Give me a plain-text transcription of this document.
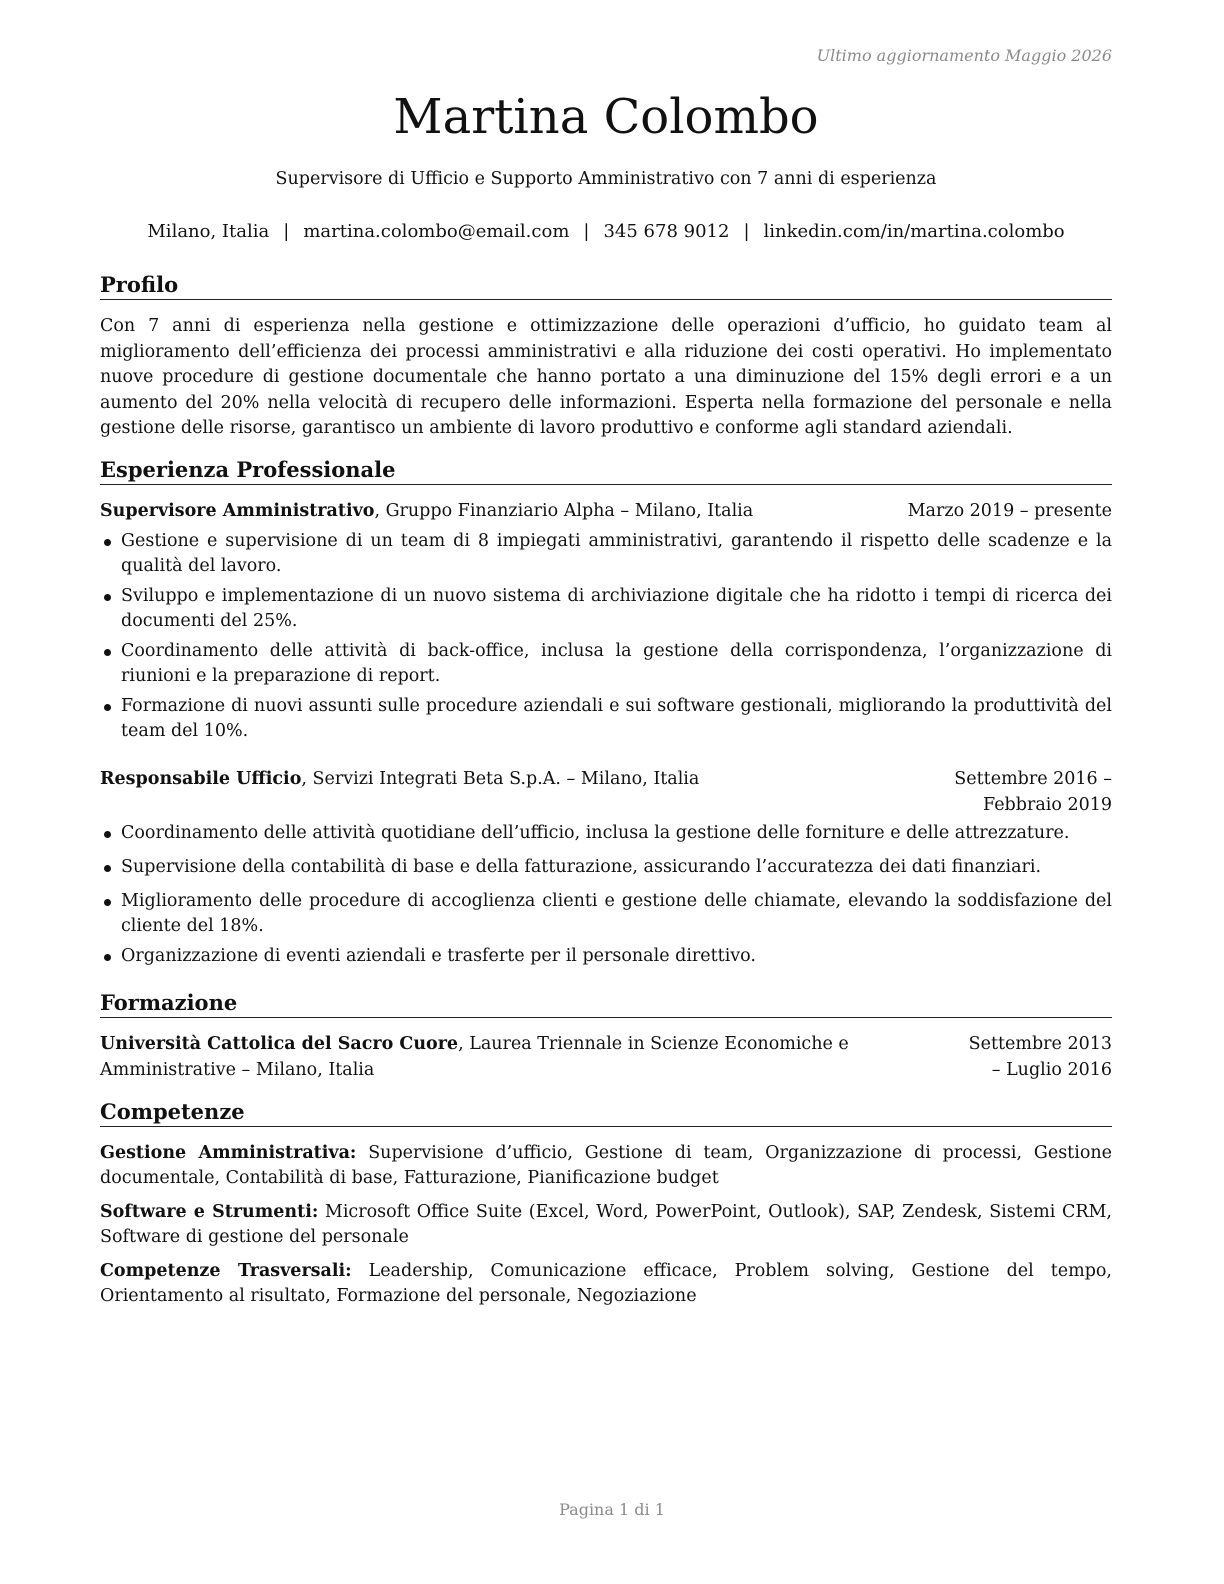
Ultimo aggiornamento Maggio 2026
Martina Colombo
Supervisore di Ufficio e Supporto Amministrativo con 7 anni di esperienza
Milano, Italia | martina.colombo@email.com | 345 678 9012 | linkedin.com/in/martina.colombo
Profilo
Con 7 anni di esperienza nella gestione e ottimizzazione delle operazioni d’ufficio, ho guidato team al miglioramento dell’efficienza dei processi amministrativi e alla riduzione dei costi operativi. Ho implementato nuove procedure di gestione documentale che hanno portato a una diminuzione del 15% degli errori e a un aumento del 20% nella velocità di recupero delle informazioni. Esperta nella formazione del personale e nella gestione delle risorse, garantisco un ambiente di lavoro produttivo e conforme agli standard aziendali.
Esperienza Professionale
Supervisore Amministrativo, Gruppo Finanziario Alpha – Milano, Italia	Marzo 2019 – presente
Gestione e supervisione di un team di 8 impiegati amministrativi, garantendo il rispetto delle scadenze e la qualità del lavoro.
Sviluppo e implementazione di un nuovo sistema di archiviazione digitale che ha ridotto i tempi di ricerca dei documenti del 25%.
Coordinamento delle attività di back-office, inclusa la gestione della corrispondenza, l’organizzazione di riunioni e la preparazione di report.
Formazione di nuovi assunti sulle procedure aziendali e sui software gestionali, migliorando la produttività del team del 10%.
Responsabile Ufficio, Servizi Integrati Beta S.p.A. – Milano, Italia	Settembre 2016 – Febbraio 2019
Coordinamento delle attività quotidiane dell’ufficio, inclusa la gestione delle forniture e delle attrezzature.
Supervisione della contabilità di base e della fatturazione, assicurando l’accuratezza dei dati finanziari.
Miglioramento delle procedure di accoglienza clienti e gestione delle chiamate, elevando la soddisfazione del cliente del 18%.
Organizzazione di eventi aziendali e trasferte per il personale direttivo.
Formazione
Università Cattolica del Sacro Cuore, Laurea Triennale in Scienze Economiche e Amministrative – Milano, Italia
Settembre 2013 – Luglio 2016
Competenze
Gestione Amministrativa: Supervisione d’ufficio, Gestione di team, Organizzazione di processi, Gestione documentale, Contabilità di base, Fatturazione, Pianificazione budget
Software e Strumenti: Microsoft Office Suite (Excel, Word, PowerPoint, Outlook), SAP, Zendesk, Sistemi CRM, Software di gestione del personale
Competenze Trasversali: Leadership, Comunicazione efficace, Problem solving, Gestione del tempo, Orientamento al risultato, Formazione del personale, Negoziazione
Pagina 1 di 1
